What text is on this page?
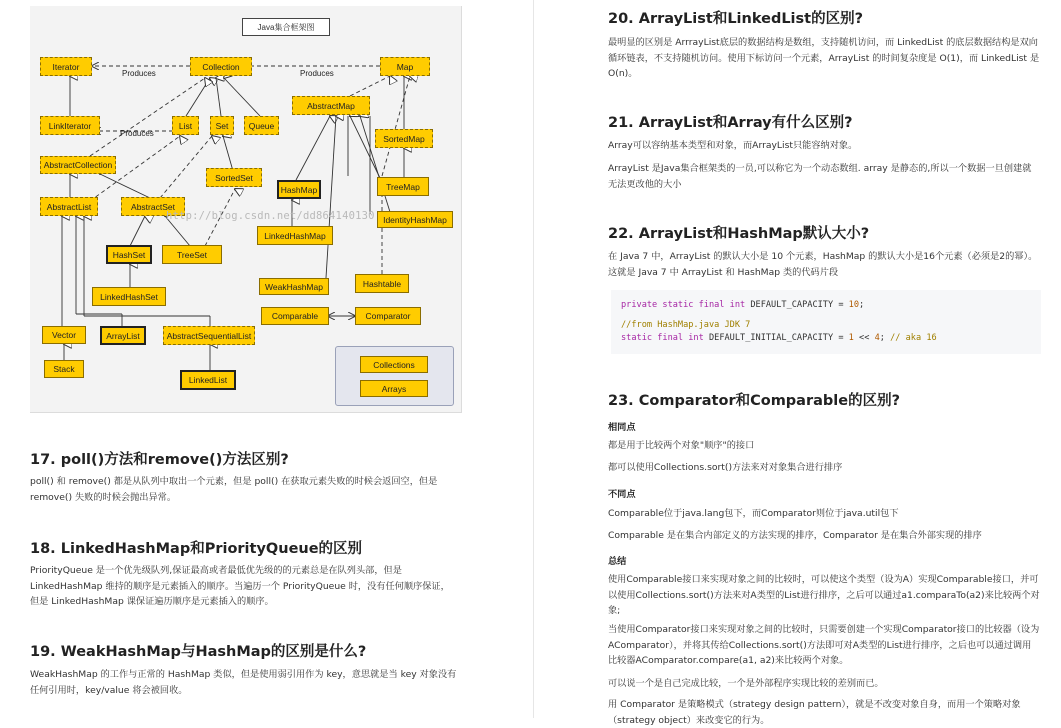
Java集合框架图
Produces	Produces
Produces
Iterator	Collection	Map
LinkIterator	List	Set	Queue
AbstractMap
SortedMap
AbstractCollection
SortedSet
HashMap	TreeMap
AbstractList	AbstractSet
IdentityHashMap
LinkedHashMap
HashSet	TreeSet
WeakHashMap	Hashtable
LinkedHashSet
Comparable	Comparator
Vector	ArrayList	AbstractSequentialList
Stack
LinkedList
Collections
Arrays
http://blog.csdn.net/dd864140130
17. poll()方法和remove()方法区别?
poll() 和 remove() 都是从队列中取出一个元素，但是 poll() 在获取元素失败的时候会返回空，但是 remove() 失败的时候会抛出异常。
18. LinkedHashMap和PriorityQueue的区别
PriorityQueue 是一个优先级队列,保证最高或者最低优先级的的元素总是在队列头部，但是 LinkedHashMap 维持的顺序是元素插入的顺序。当遍历一个 PriorityQueue 时，没有任何顺序保证，但是 LinkedHashMap 课保证遍历顺序是元素插入的顺序。
19. WeakHashMap与HashMap的区别是什么?
WeakHashMap 的工作与正常的 HashMap 类似，但是使用弱引用作为 key，意思就是当 key 对象没有任何引用时，key/value 将会被回收。
20. ArrayList和LinkedList的区别?
最明显的区别是 ArrrayList底层的数据结构是数组，支持随机访问，而 LinkedList 的底层数据结构是双向循环链表，不支持随机访问。使用下标访问一个元素，ArrayList 的时间复杂度是 O(1)，而 LinkedList 是 O(n)。
21. ArrayList和Array有什么区别?
Array可以容纳基本类型和对象，而ArrayList只能容纳对象。
ArrayList 是Java集合框架类的一员,可以称它为一个动态数组. array 是静态的,所以一个数据一旦创建就无法更改他的大小
22. ArrayList和HashMap默认大小?
在 Java 7 中，ArrayList 的默认大小是 10 个元素，HashMap 的默认大小是16个元素（必须是2的幂）。这就是 Java 7 中 ArrayList 和 HashMap 类的代码片段
private static final int DEFAULT_CAPACITY = 10;
//from HashMap.java JDK 7
static final int DEFAULT_INITIAL_CAPACITY = 1 << 4; // aka 16
23. Comparator和Comparable的区别?
相同点
都是用于比较两个对象"顺序"的接口
都可以使用Collections.sort()方法来对对象集合进行排序
不同点
Comparable位于java.lang包下，而Comparator则位于java.util包下
Comparable 是在集合内部定义的方法实现的排序，Comparator 是在集合外部实现的排序
总结
使用Comparable接口来实现对象之间的比较时，可以使这个类型（设为A）实现Comparable接口，并可以使用Collections.sort()方法来对A类型的List进行排序，之后可以通过a1.comparaTo(a2)来比较两个对象;
当使用Comparator接口来实现对象之间的比较时，只需要创建一个实现Comparator接口的比较器（设为AComparator），并将其传给Collections.sort()方法即可对A类型的List进行排序，之后也可以通过调用比较器AComparator.compare(a1, a2)来比较两个对象。
可以说一个是自己完成比较，一个是外部程序实现比较的差别而已。
用 Comparator 是策略模式（strategy design pattern），就是不改变对象自身，而用一个策略对象（strategy object）来改变它的行为。
